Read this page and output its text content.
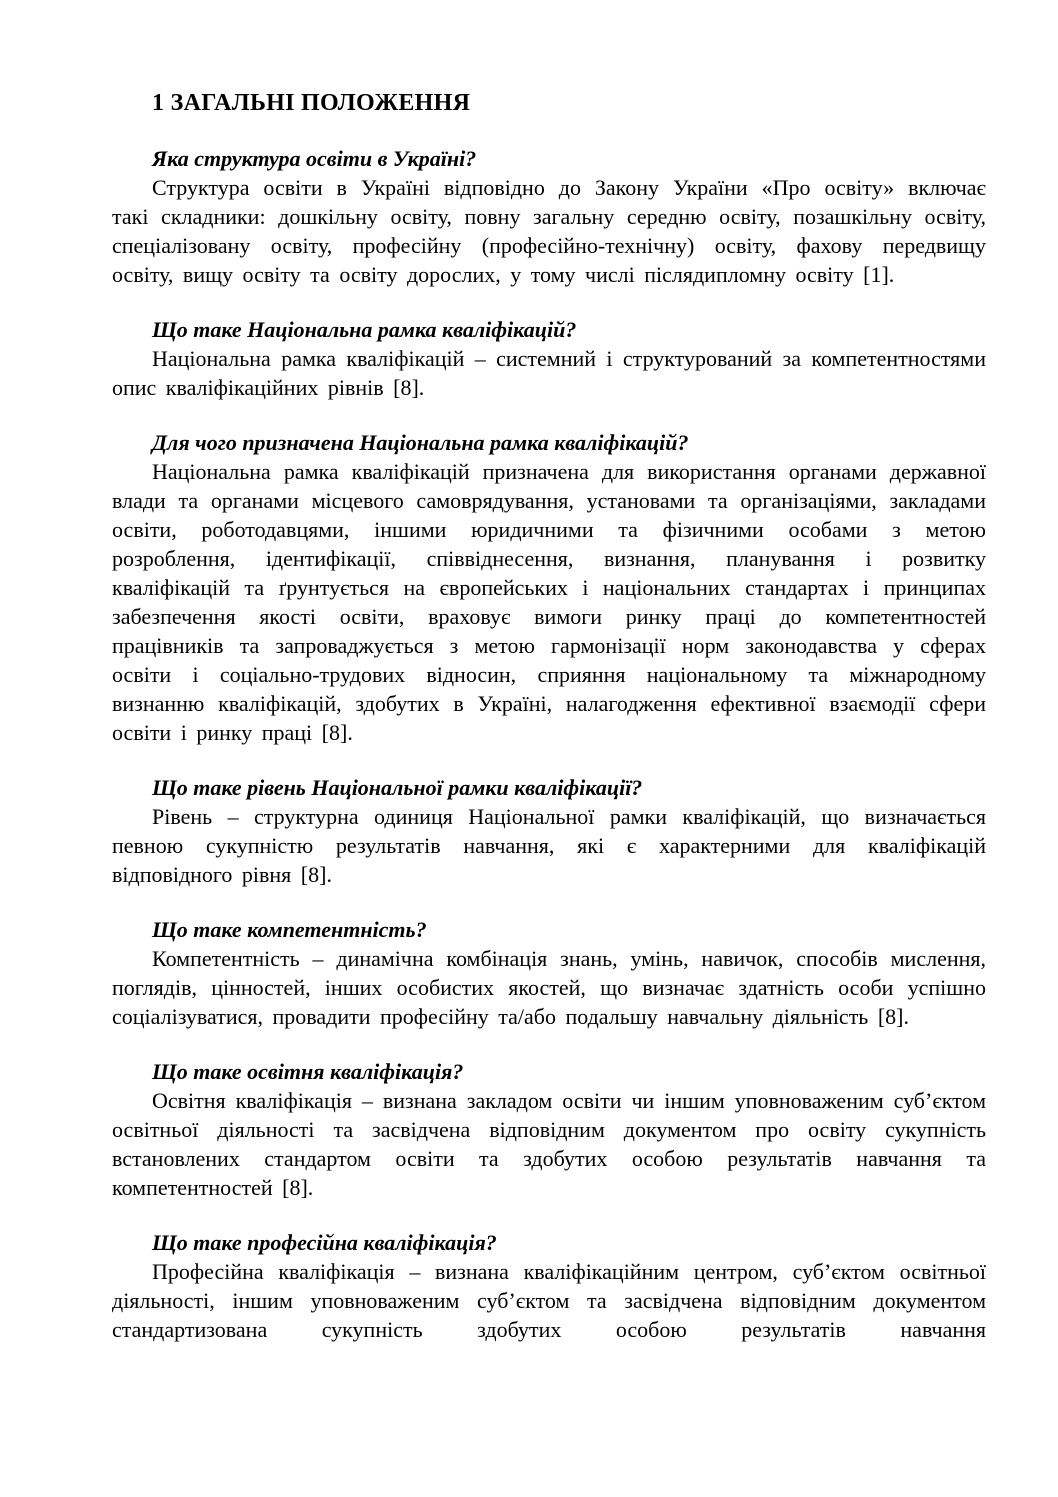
1 ЗАГАЛЬНІ ПОЛОЖЕННЯ

Яка структура освіти в Україні?

Структура освіти в Україні відповідно до Закону України «Про освіту» включає такі складники: дошкільну освіту, повну загальну середню освіту, позашкільну освіту, спеціалізовану освіту, професійну (професійно-технічну) освіту, фахову передвищу освіту, вищу освіту та освіту дорослих, у тому числі післядипломну освіту [1].

Що таке Національна рамка кваліфікацій?

Національна рамка кваліфікацій – системний і структурований за компетентностями опис кваліфікаційних рівнів [8].

Для чого призначена Національна рамка кваліфікацій?

Національна рамка кваліфікацій призначена для використання органами державної влади та органами місцевого самоврядування, установами та організаціями, закладами освіти, роботодавцями, іншими юридичними та фізичними особами з метою розроблення, ідентифікації, співвіднесення, визнання, планування і розвитку кваліфікацій та ґрунтується на європейських і національних стандартах і принципах забезпечення якості освіти, враховує вимоги ринку праці до компетентностей працівників та запроваджується з метою гармонізації норм законодавства у сферах освіти і соціально-трудових відносин, сприяння національному та міжнародному визнанню кваліфікацій, здобутих в Україні, налагодження ефективної взаємодії сфери освіти і ринку праці [8].

Що таке рівень Національної рамки кваліфікації?

Рівень – структурна одиниця Національної рамки кваліфікацій, що визначається певною сукупністю результатів навчання, які є характерними для кваліфікацій відповідного рівня [8].

Що таке компетентність?

Компетентність – динамічна комбінація знань, умінь, навичок, способів мислення, поглядів, цінностей, інших особистих якостей, що визначає здатність особи успішно соціалізуватися, провадити професійну та/або подальшу навчальну діяльність [8].

Що таке освітня кваліфікація?

Освітня кваліфікація – визнана закладом освіти чи іншим уповноваженим суб’єктом освітньої діяльності та засвідчена відповідним документом про освіту сукупність встановлених стандартом освіти та здобутих особою результатів навчання та компетентностей [8].

Що таке професійна кваліфікація?

Професійна кваліфікація – визнана кваліфікаційним центром, суб’єктом освітньої діяльності, іншим уповноваженим суб’єктом та засвідчена відповідним документом стандартизована сукупність здобутих особою результатів навчання
